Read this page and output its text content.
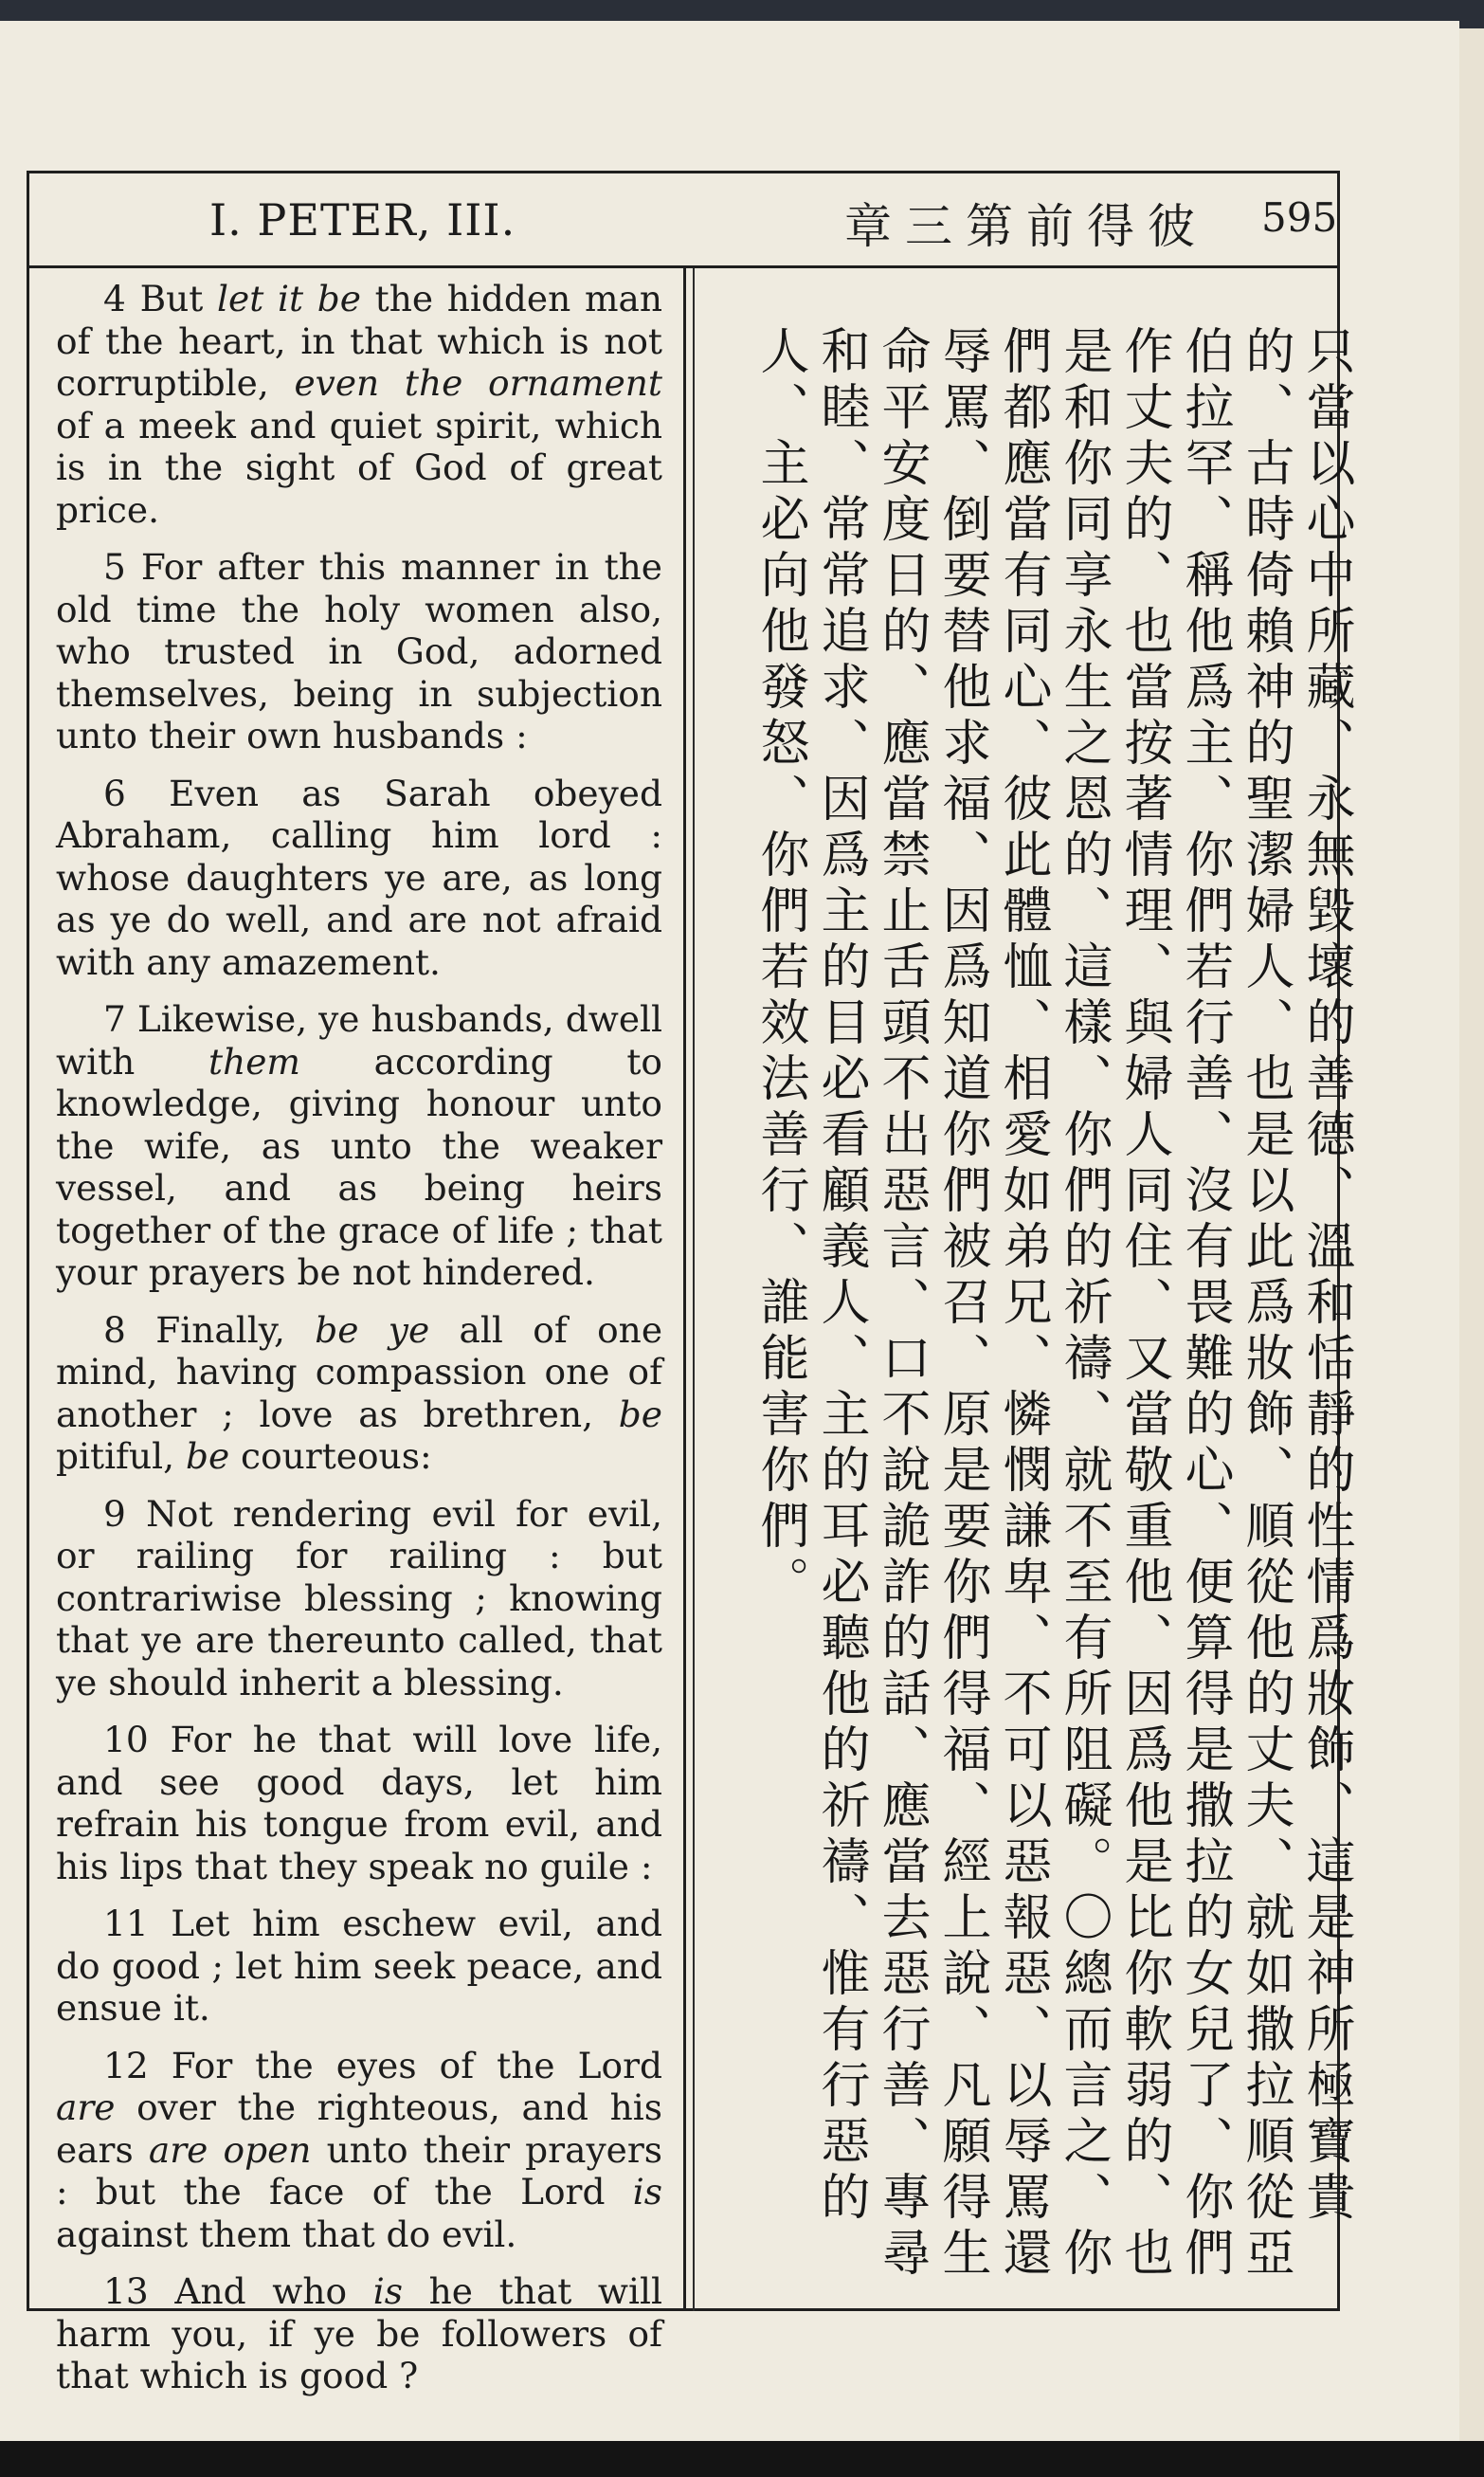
I. PETER, III.	彼得前第三章 595

4 But let it be the hidden man of the heart, in that which is not corruptible, even the ornament of a meek and quiet spirit, which is in the sight of God of great price.

5 For after this manner in the old time the holy women also, who trusted in God, adorned themselves, being in subjection unto their own husbands :

6 Even as Sarah obeyed Abraham, calling him lord : whose daughters ye are, as long as ye do well, and are not afraid with any amazement.

7 Likewise, ye husbands, dwell with them according to knowledge, giving honour unto the wife, as unto the weaker vessel, and as being heirs together of the grace of life ; that your prayers be not hindered.

8 Finally, be ye all of one mind, having compassion one of another ; love as brethren, be pitiful, be courteous:

9 Not rendering evil for evil, or railing for railing : but contrariwise blessing ; knowing that ye are thereunto called, that ye should inherit a blessing.

10 For he that will love life, and see good days, let him refrain his tongue from evil, and his lips that they speak no guile :

11 Let him eschew evil, and do good ; let him seek peace, and ensue it.

12 For the eyes of the Lord are over the righteous, and his ears are open unto their prayers : but the face of the Lord is against them that do evil.

13 And who is he that will harm you, if ye be followers of that which is good ?

只當以心中所藏、永無毀壞的善德、溫和恬靜的性情爲妝飾、這是神所極寶貴的、古時倚賴神的聖潔婦人、也是以此爲妝飾、順從他的丈夫、就如撒拉順從亞伯拉罕、稱他爲主、你們若行善、沒有畏難的心、便算得是撒拉的女兒了、你們作丈夫的、也當按著情理、與婦人同住、又當敬重他、因爲他是比你軟弱的、也是和你同享永生之恩的、這樣、你們的祈禱、就不至有所阻礙。〇總而言之、你們都應當有同心、彼此體恤、相愛如弟兄、憐憫謙卑、不可以惡報惡、以辱罵還辱罵、倒要替他求福、因爲知道你們被召、原是要你們得福、經上說、凡願得生命平安度日的、應當禁止舌頭不出惡言、口不說詭詐的話、應當去惡行善、專尋和睦、常常追求、因爲主的目必看顧義人、主的耳必聽他的祈禱、惟有行惡的人、主必向他發怒、你們若效法善行、誰能害你們。
